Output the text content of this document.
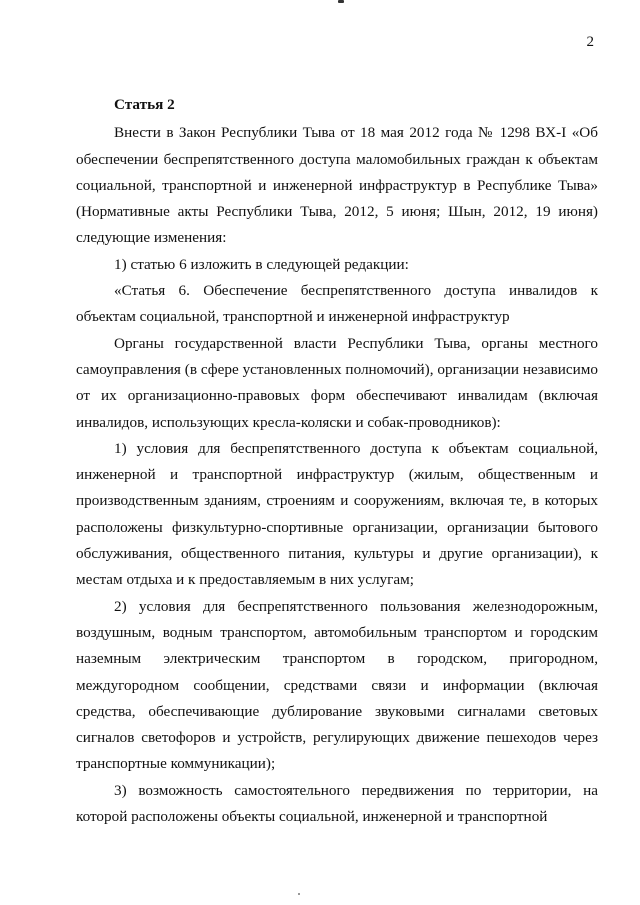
2
Статья 2

Внести в Закон Республики Тыва от 18 мая 2012 года № 1298 ВХ-I «Об обеспечении беспрепятственного доступа маломобильных граждан к объектам социальной, транспортной и инженерной инфраструктур в Республике Тыва» (Нормативные акты Республики Тыва, 2012, 5 июня; Шын, 2012, 19 июня) следующие изменения:

1) статью 6 изложить в следующей редакции:

«Статья 6. Обеспечение беспрепятственного доступа инвалидов к объектам социальной, транспортной и инженерной инфраструктур

Органы государственной власти Республики Тыва, органы местного самоуправления (в сфере установленных полномочий), организации независимо от их организационно-правовых форм обеспечивают инвалидам (включая инвалидов, использующих кресла-коляски и собак-проводников):

1) условия для беспрепятственного доступа к объектам социальной, инженерной и транспортной инфраструктур (жилым, общественным и производственным зданиям, строениям и сооружениям, включая те, в которых расположены физкультурно-спортивные организации, организации бытового обслуживания, общественного питания, культуры и другие организации), к местам отдыха и к предоставляемым в них услугам;

2) условия для беспрепятственного пользования железнодорожным, воздушным, водным транспортом, автомобильным транспортом и городским наземным электрическим транспортом в городском, пригородном, междугородном сообщении, средствами связи и информации (включая средства, обеспечивающие дублирование звуковыми сигналами световых сигналов светофоров и устройств, регулирующих движение пешеходов через транспортные коммуникации);

3) возможность самостоятельного передвижения по территории, на которой расположены объекты социальной, инженерной и транспортной
